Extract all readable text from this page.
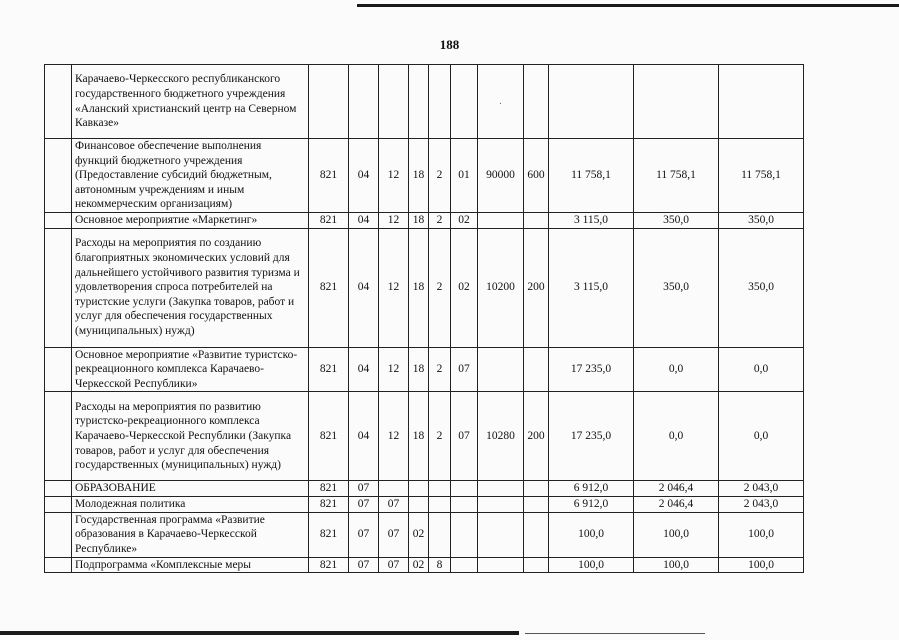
188
	Карачаево-Черкесского республиканского государственного бюджетного учреждения «Аланский христианский центр на Северном Кавказе»							.				
	Финансовое обеспечение выполнения функций бюджетного учреждения (Предоставление субсидий бюджетным, автономным учреждениям и иным некоммерческим организациям)	821	04	12	18	2	01	90000	600	11 758,1	11 758,1	11 758,1
	Основное мероприятие «Маркетинг»	821	04	12	18	2	02			3 115,0	350,0	350,0
	Расходы на мероприятия по созданию благоприятных экономических условий для дальнейшего устойчивого развития туризма и удовлетворения спроса потребителей на туристские услуги (Закупка товаров, работ и услуг для обеспечения государственных (муниципальных) нужд)	821	04	12	18	2	02	10200	200	3 115,0	350,0	350,0
	Основное мероприятие «Развитие туристско-рекреационного комплекса Карачаево-Черкесской Республики»	821	04	12	18	2	07			17 235,0	0,0	0,0
	Расходы на мероприятия по развитию туристско-рекреационного комплекса Карачаево-Черкесской Республики (Закупка товаров, работ и услуг для обеспечения государственных (муниципальных) нужд)	821	04	12	18	2	07	10280	200	17 235,0	0,0	0,0
	ОБРАЗОВАНИЕ	821	07							6 912,0	2 046,4	2 043,0
	Молодежная политика	821	07	07						6 912,0	2 046,4	2 043,0
	Государственная программа «Развитие образования в Карачаево-Черкесской Республике»	821	07	07	02					100,0	100,0	100,0
	Подпрограмма «Комплексные меры	821	07	07	02	8				100,0	100,0	100,0
